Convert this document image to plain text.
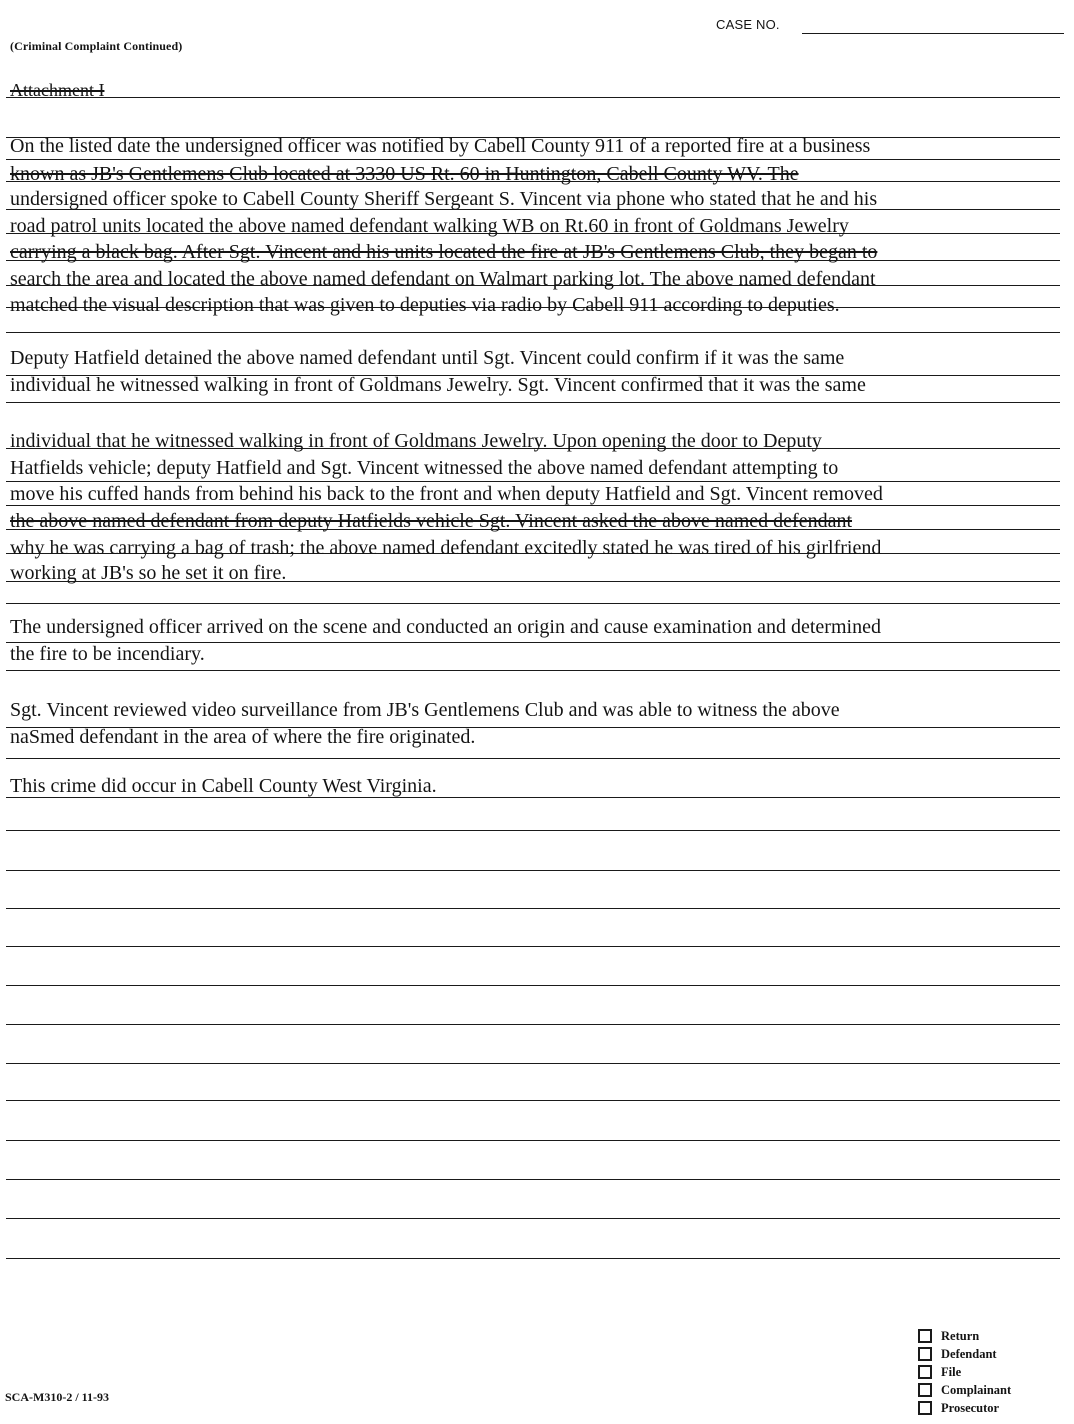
CASE NO.
(Criminal Complaint Continued)
Attachment I
On the listed date the undersigned officer was notified by Cabell County 911 of a reported fire at a business
known as JB's Gentlemens Club located at 3330 US Rt. 60 in Huntington, Cabell County WV. The
undersigned officer spoke to Cabell County Sheriff Sergeant S. Vincent via phone who stated that he and his
road patrol units located the above named defendant walking WB on Rt.60 in front of Goldmans Jewelry
carrying a black bag. After Sgt. Vincent and his units located the fire at JB's Gentlemens Club, they began to
search the area and located the above named defendant on Walmart parking lot. The above named defendant
matched the visual description that was given to deputies via radio by Cabell 911 according to deputies.
Deputy Hatfield detained the above named defendant until Sgt. Vincent could confirm if it was the same
individual he witnessed walking in front of Goldmans Jewelry. Sgt. Vincent confirmed that it was the same
individual that he witnessed walking in front of Goldmans Jewelry. Upon opening the door to Deputy
Hatfields vehicle; deputy Hatfield and Sgt. Vincent witnessed the above named defendant attempting to
move his cuffed hands from behind his back to the front and when deputy Hatfield and Sgt. Vincent removed
the above named defendant from deputy Hatfields vehicle Sgt. Vincent asked the above named defendant
why he was carrying a bag of trash; the above named defendant excitedly stated he was tired of his girlfriend
working at JB's so he set it on fire.
The undersigned officer arrived on the scene and conducted an origin and cause examination and determined
the fire to be incendiary.
Sgt. Vincent reviewed video surveillance from JB's Gentlemens Club and was able to witness the above
naSmed defendant in the area of where the fire originated.
This crime did occur in Cabell County West Virginia.
SCA-M310-2 / 11-93
Return
Defendant
File
Complainant
Prosecutor
